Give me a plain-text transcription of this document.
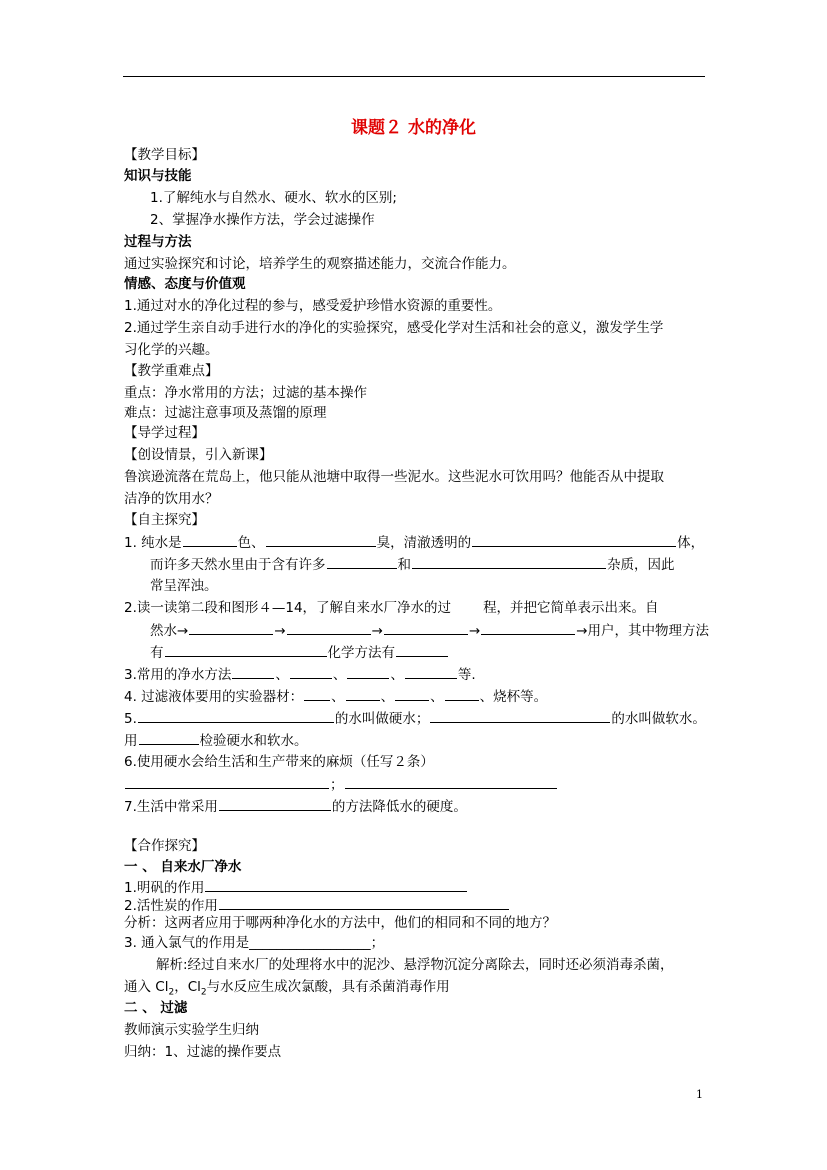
课题２ 水的净化
【教学目标】
知识与技能
1.了解纯水与自然水、硬水、软水的区别;
2、掌握净水操作方法，学会过滤操作
过程与方法
通过实验探究和讨论，培养学生的观察描述能力，交流合作能力。
情感、态度与价值观
1.通过对水的净化过程的参与，感受爱护珍惜水资源的重要性。
2.通过学生亲自动手进行水的净化的实验探究，感受化学对生活和社会的意义，激发学生学
习化学的兴趣。
【教学重难点】
重点：净水常用的方法；过滤的基本操作
难点：过滤注意事项及蒸馏的原理
【导学过程】
【创设情景，引入新课】
鲁滨逊流落在荒岛上，他只能从池塘中取得一些泥水。这些泥水可饮用吗？他能否从中提取
洁净的饮用水？
【自主探究】
1. 纯水是	色、	臭，清澈透明的	体，
而许多天然水里由于含有许多	和	杂质，因此
常呈浑浊。
2.读一读第二段和图形４—14，了解自来水厂净水的过 程，并把它简单表示出来。自
然水→	→	→	→	→用户，其中物理方法
有	化学方法有
3.常用的净水方法	、	、	、	等.
4. 过滤液体要用的实验器材： 、	、	、	、烧杯等。
5.	的水叫做硬水；	的水叫做软水。
用	检验硬水和软水。
6.使用硬水会给生活和生产带来的麻烦（任写２条）
；
7.生活中常采用	的方法降低水的硬度。
【合作探究】
一 、 自来水厂净水
1.明矾的作用
2.活性炭的作用
分析：这两者应用于哪两种净化水的方法中，他们的相同和不同的地方？
3. 通入氯气的作用是__________________；
解析:经过自来水厂的处理将水中的泥沙、悬浮物沉淀分离除去，同时还必须消毒杀菌，
通入 $Cl_2$，$Cl_2$与水反应生成次氯酸，具有杀菌消毒作用
二 、 过滤
教师演示实验学生归纳
归纳：1、过滤的操作要点
1
